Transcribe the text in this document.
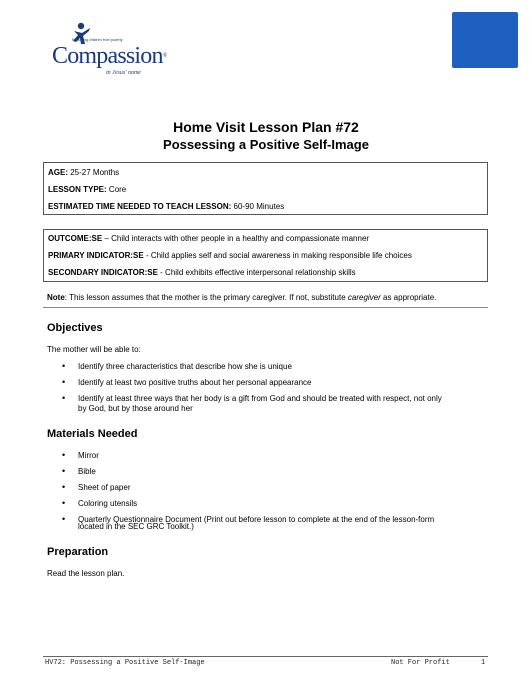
Releasing children from poverty
Compassion®
in Jesus' name
Home Visit Lesson Plan #72
Possessing a Positive Self-Image
AGE: 25-27 Months
LESSON TYPE: Core
ESTIMATED TIME NEEDED TO TEACH LESSON: 60-90 Minutes
OUTCOME:SE – Child interacts with other people in a healthy and compassionate manner
PRIMARY INDICATOR:SE - Child applies self and social awareness in making responsible life choices
SECONDARY INDICATOR:SE - Child exhibits effective interpersonal relationship skills
Note: This lesson assumes that the mother is the primary caregiver. If not, substitute caregiver as appropriate.
Objectives
The mother will be able to:
• Identify three characteristics that describe how she is unique
• Identify at least two positive truths about her personal appearance
• Identify at least three ways that her body is a gift from God and should be treated with respect, not only
by God, but by those around her
Materials Needed
• Mirror
• Bible
• Sheet of paper
• Coloring utensils
• Quarterly Questionnaire Document (Print out before lesson to complete at the end of the lesson-form
located in the SEC GRC Toolkit.)
Preparation
Read the lesson plan.
HV72: Possessing a Positive Self-Image	Not For Profit	1
